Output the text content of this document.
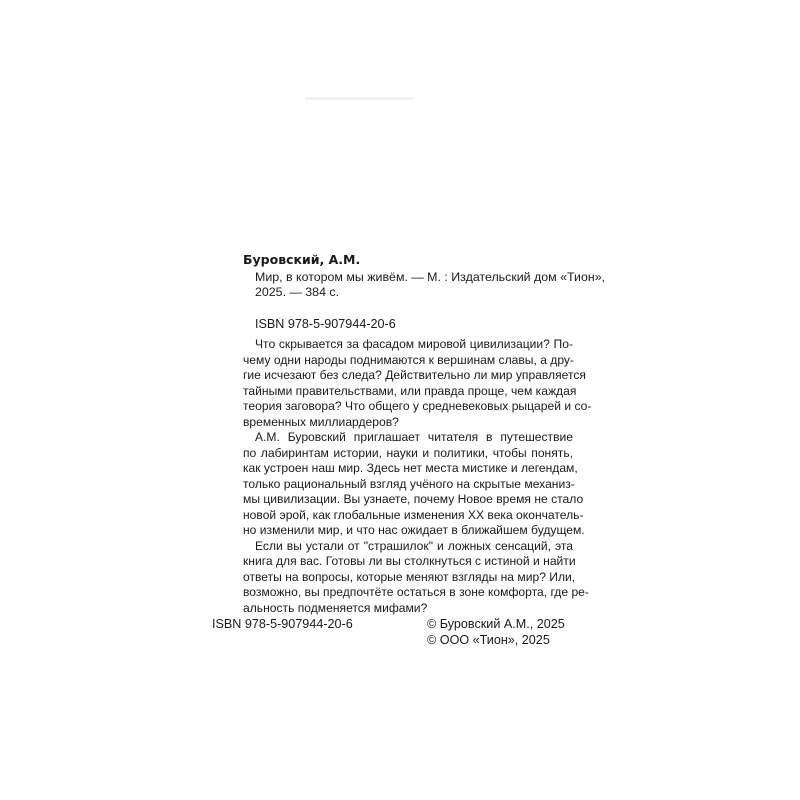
Буровский, А.М.
Мир, в котором мы живём. — М. : Издательский дом «Тион»,
2025. — 384 с.
ISBN 978-5-907944-20-6

Что скрывается за фасадом мировой цивилизации? По-
чему одни народы поднимаются к вершинам славы, а дру-
гие исчезают без следа? Действительно ли мир управляется
тайными правительствами, или правда проще, чем каждая
теория заговора? Что общего у средневековых рыцарей и со-
временных миллиардеров?

А.М. Буровский приглашает читателя в путешествие
по лабиринтам истории, науки и политики, чтобы понять,
как устроен наш мир. Здесь нет места мистике и легендам,
только рациональный взгляд учёного на скрытые механиз-
мы цивилизации. Вы узнаете, почему Новое время не стало
новой эрой, как глобальные изменения XX века окончатель-
но изменили мир, и что нас ожидает в ближайшем будущем.

Если вы устали от "страшилок" и ложных сенсаций, эта
книга для вас. Готовы ли вы столкнуться с истиной и найти
ответы на вопросы, которые меняют взгляды на мир? Или,
возможно, вы предпочтёте остаться в зоне комфорта, где ре-
альность подменяется мифами?

ISBN 978-5-907944-20-6	© Буровский А.М., 2025
© ООО «Тион», 2025
